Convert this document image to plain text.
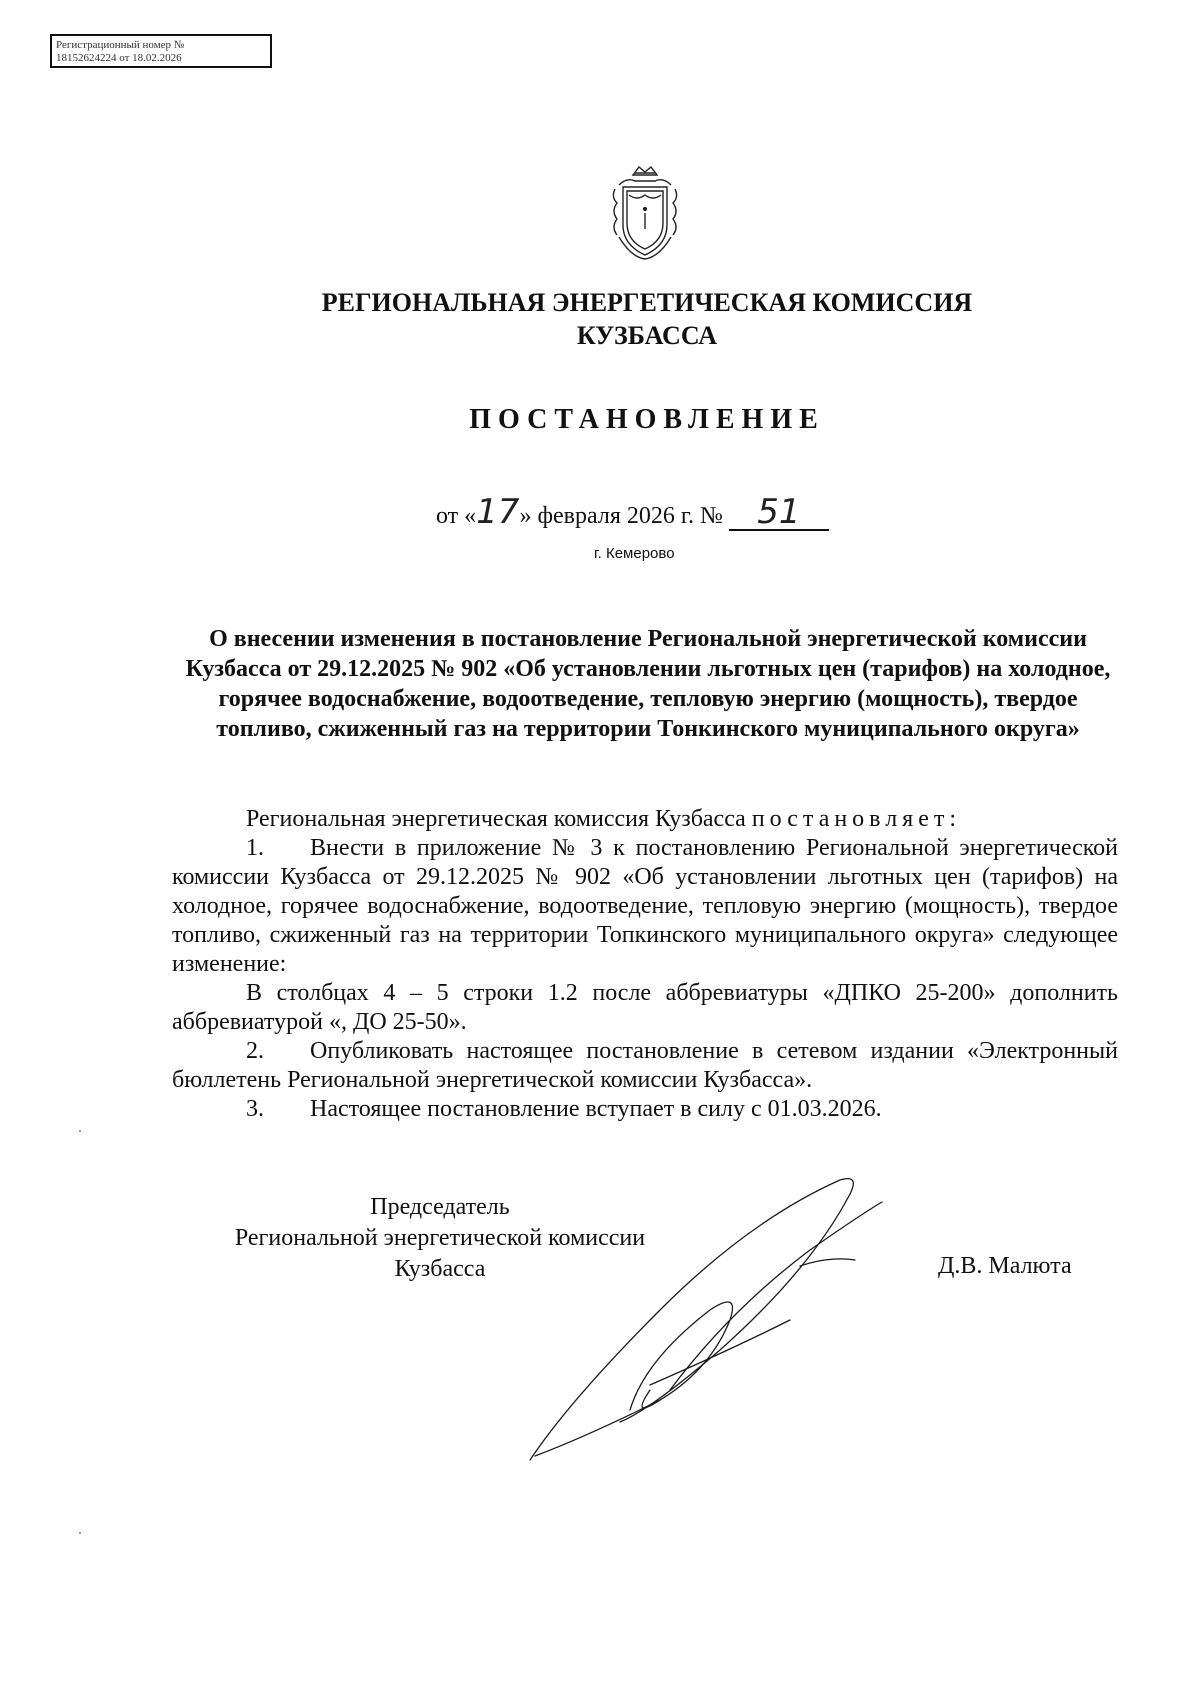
Регистрационный номер №
18152624224 от 18.02.2026
РЕГИОНАЛЬНАЯ ЭНЕРГЕТИЧЕСКАЯ КОМИССИЯ
КУЗБАССА
ПОСТАНОВЛЕНИЕ
от «17» февраля 2026 г. № 51
г. Кемерово
О внесении изменения в постановление Региональной энергетической комиссии Кузбасса от 29.12.2025 № 902 «Об установлении льготных цен (тарифов) на холодное, горячее водоснабжение, водоотведение, тепловую энергию (мощность), твердое топливо, сжиженный газ на территории Тонкинского муниципального округа»

Региональная энергетическая комиссия Кузбасса постановляет:

1. Внести в приложение № 3 к постановлению Региональной энергетической комиссии Кузбасса от 29.12.2025 № 902 «Об установлении льготных цен (тарифов) на холодное, горячее водоснабжение, водоотведение, тепловую энергию (мощность), твердое топливо, сжиженный газ на территории Топкинского муниципального округа» следующее изменение:

В столбцах 4 – 5 строки 1.2 после аббревиатуры «ДПКО 25-200» дополнить аббревиатурой «, ДО 25-50».

2. Опубликовать настоящее постановление в сетевом издании «Электронный бюллетень Региональной энергетической комиссии Кузбасса».

3. Настоящее постановление вступает в силу с 01.03.2026.

Председатель
Региональной энергетической комиссии
Кузбасса	Д.В. Малюта
